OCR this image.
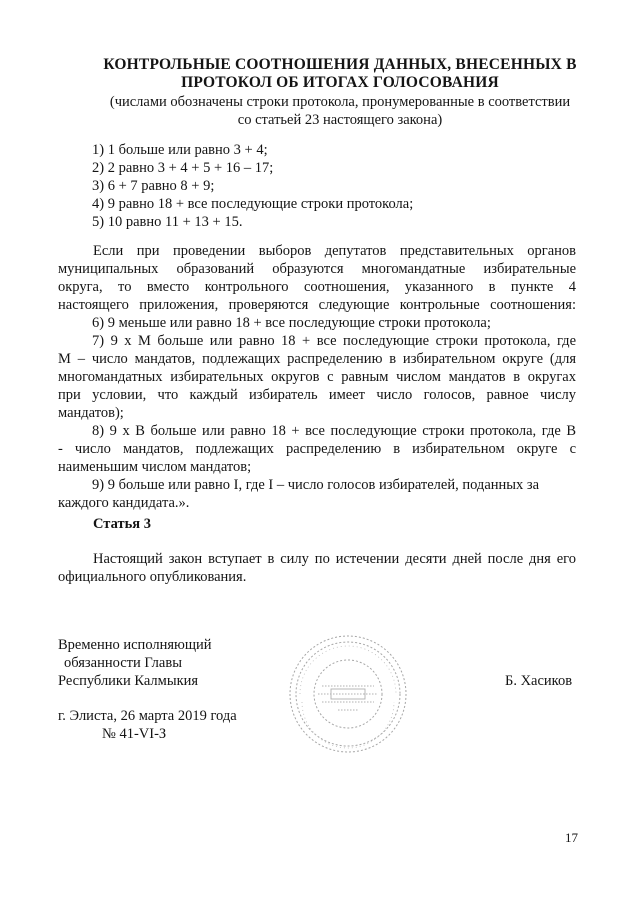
КОНТРОЛЬНЫЕ СООТНОШЕНИЯ ДАННЫХ, ВНЕСЕННЫХ В
ПРОТОКОЛ ОБ ИТОГАХ ГОЛОСОВАНИЯ
(числами обозначены строки протокола, пронумерованные в соответствии
со статьей 23 настоящего закона)
1) 1 больше или равно 3 + 4;
2) 2 равно 3 + 4 + 5 + 16 – 17;
3) 6 + 7 равно 8 + 9;
4) 9 равно 18 + все последующие строки протокола;
5) 10 равно 11 + 13 + 15.
Если при проведении выборов депутатов представительных органов
муниципальных образований образуются многомандатные избирательные
округа, то вместо контрольного соотношения, указанного в пункте 4
настоящего приложения, проверяются следующие контрольные соотношения:
6) 9 меньше или равно 18 + все последующие строки протокола;
7) 9 х М больше или равно 18 + все последующие строки протокола, где
М – число мандатов, подлежащих распределению в избирательном округе (для
многомандатных избирательных округов с равным числом мандатов в округах
при условии, что каждый избиратель имеет число голосов, равное числу
мандатов);
8) 9 х В больше или равно 18 + все последующие строки протокола, где В
- число мандатов, подлежащих распределению в избирательном округе с
наименьшим числом мандатов;
9) 9 больше или равно I, где I – число голосов избирателей, поданных за
каждого кандидата.».
Статья 3
Настоящий закон вступает в силу по истечении десяти дней после дня его
официального опубликования.
Временно исполняющий
обязанности Главы
Республики Калмыкия	Б. Хасиков
г. Элиста, 26 марта 2019 года
№ 41-VI-З
17
